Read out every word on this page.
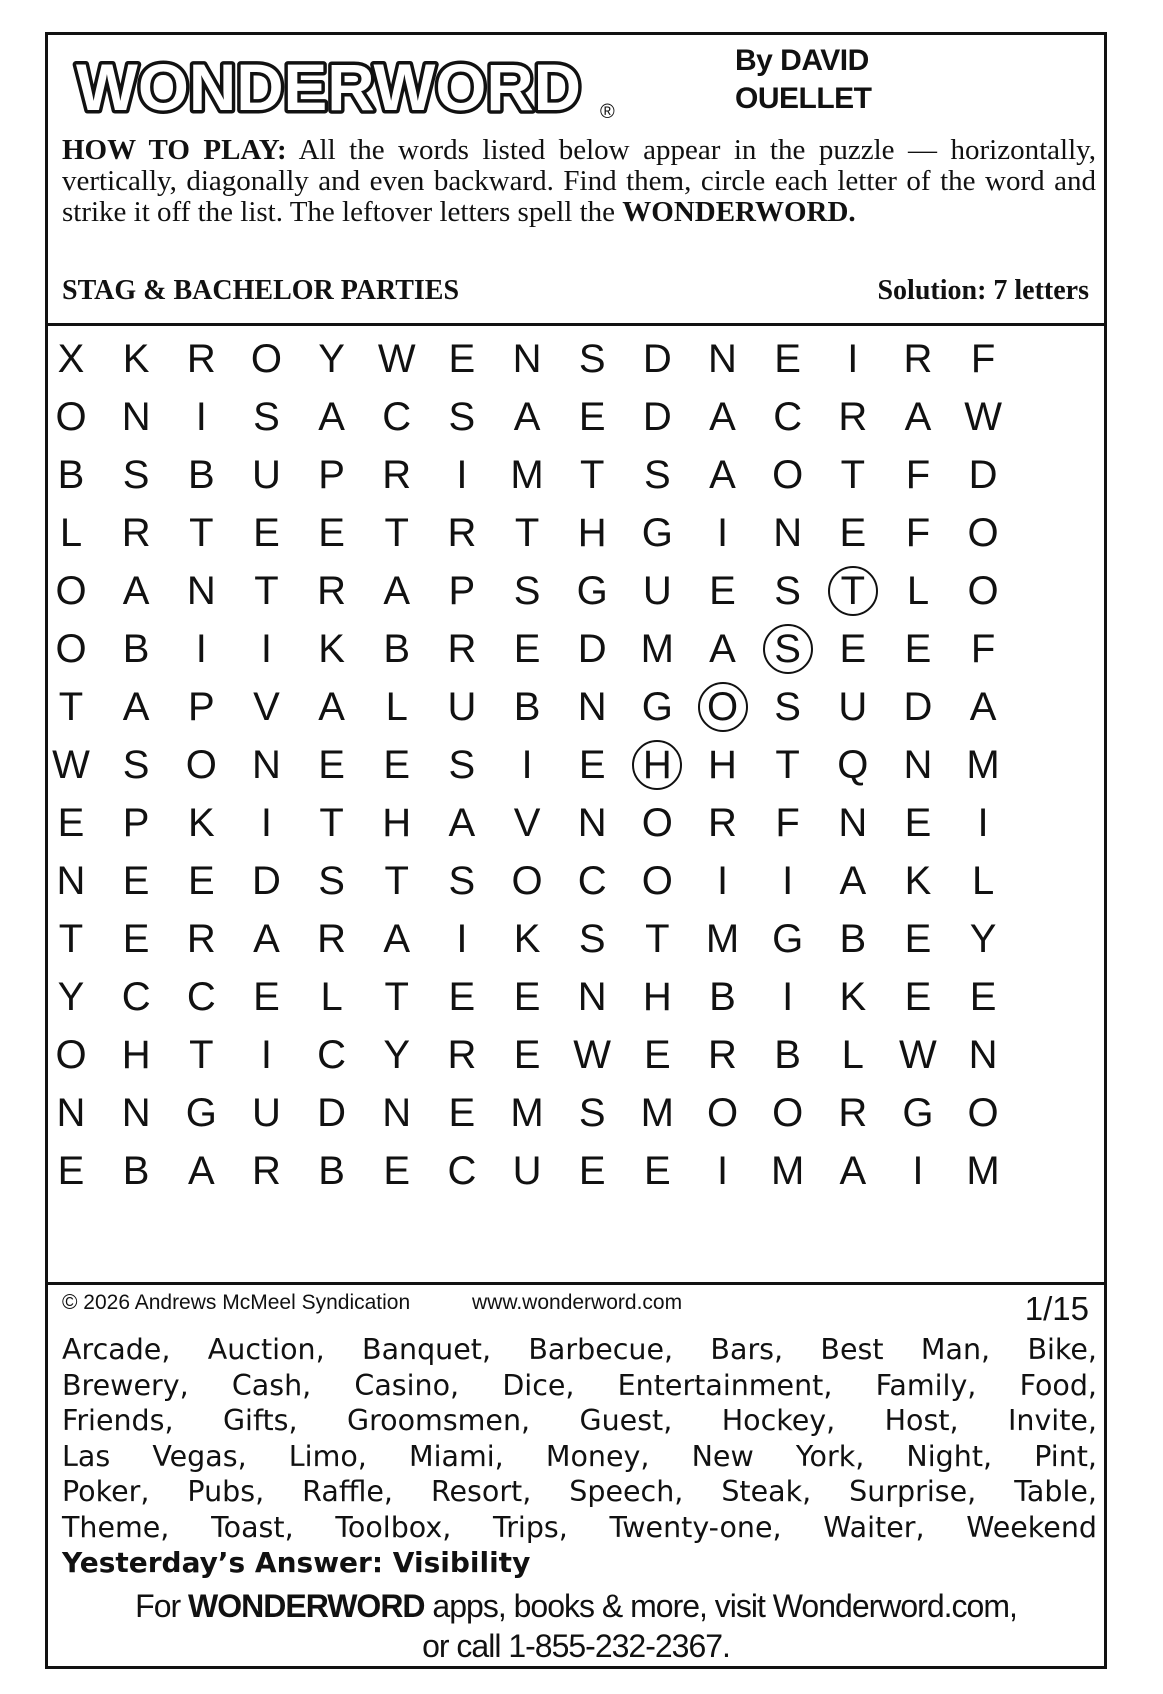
WONDERWORD ®
By DAVID
OUELLET
HOW TO PLAY: All the words listed below appear in the puzzle — horizontally, vertically, diagonally and even backward. Find them, circle each letter of the word and strike it off the list. The leftover letters spell the WONDERWORD.
STAG & BACHELOR PARTIES	Solution: 7 letters
X K R O Y W E N S D N E	I	R F
O N	I	S A C S A E D A C R A W
B S B U P R	I	M T S A O T	F D
L R T E E T R T H G	I	N E F O
O A N T R A P S G U E S T	L O
O B	I	I	K B R E D M A S E E F
T A P V A	L U B N G O S U D A
W S O N E E S	I	E H H T Q N M
E P K	I	T H A V N O R F N E	I
N E E D S T S O C O	I	I	A K	L
T E R A R A	I	K S T M G B E Y
Y C C E	L	T E E N H B	I	K E E
O H T	I	C Y R E W E R B	L W N
N N G U D N E M S M O O R G O
E B A R B E C U E E	I	M A	I	M
© 2026 Andrews McMeel Syndication	www.wonderword.com	1/15
Arcade, Auction, Banquet, Barbecue, Bars, Best Man, Bike,
Brewery, Cash, Casino, Dice, Entertainment, Family, Food,
Friends, Gifts, Groomsmen, Guest, Hockey, Host, Invite,
Las Vegas, Limo, Miami, Money, New York, Night, Pint,
Poker, Pubs, Raffle, Resort, Speech, Steak, Surprise, Table,
Theme, Toast, Toolbox, Trips, Twenty-one, Waiter, Weekend
Yesterday’s Answer: Visibility
For WONDERWORD apps, books & more, visit Wonderword.com,
or call 1-855-232-2367.
